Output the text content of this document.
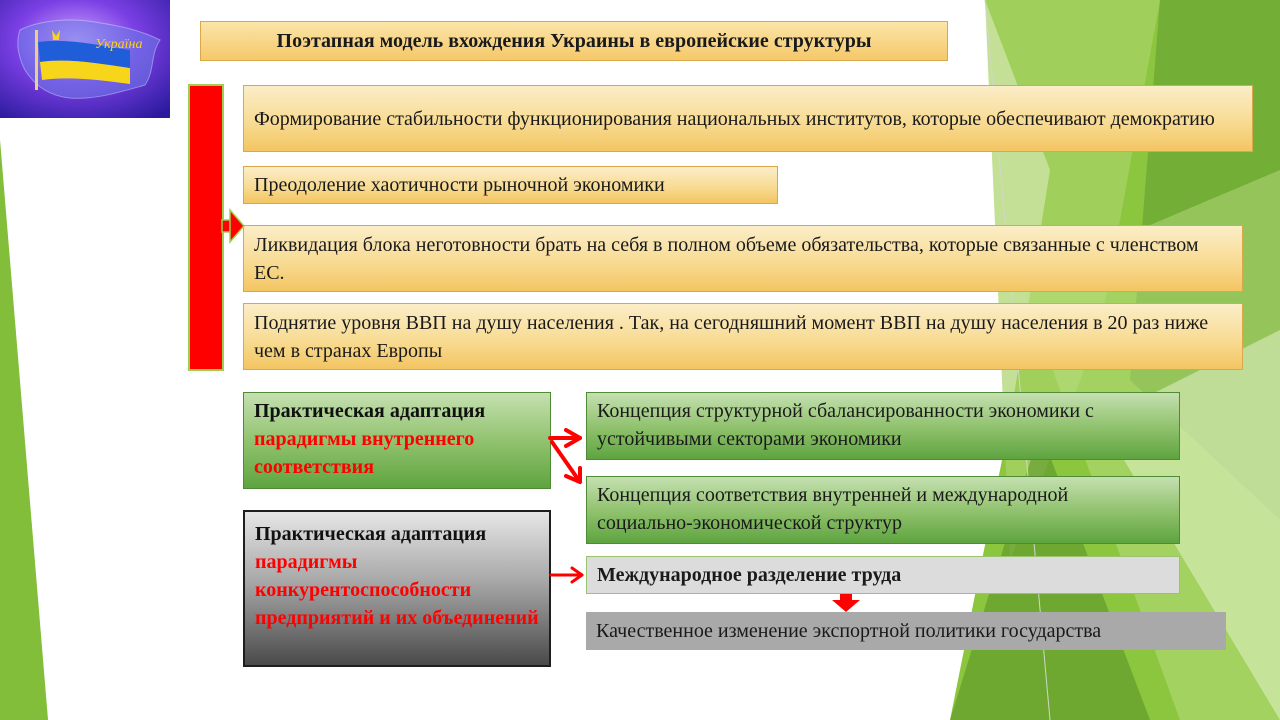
Україна	Поэтапная модель вхождения Украины в европейские структуры
Формирование стабильности функционирования национальных институтов, которые обеспечивают демократию
Преодоление хаотичности рыночной экономики
Ликвидация блока неготовности брать на себя в полном объеме обязательства, которые связанные с членством ЕС.
Поднятие уровня ВВП на душу населения . Так, на сегодняшний момент ВВП на душу населения в 20 раз ниже чем в странах Европы
Практическая адаптация
парадигмы внутреннего соответствия
Практическая адаптация
парадигмы конкурентоспособности предприятий и их объединений
Концепция структурной сбалансированности экономики с устойчивыми секторами экономики
Концепция соответствия внутренней и международной социально-экономической структур
Международное разделение труда
Качественное изменение экспортной политики государства
